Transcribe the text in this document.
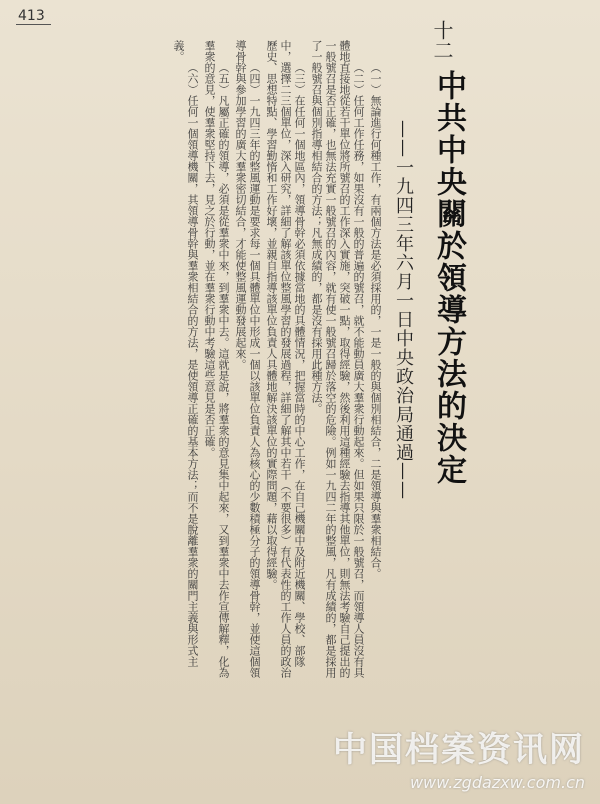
413
十二
中共中央關於領導方法的決定
——一九四三年六月一日中央政治局通過——

（一）無論進行何種工作，有兩個方法是必須採用的，一是一般的與個別相結合，二是領導與羣衆相結合。

（二）任何工作任務，如果沒有一般的普遍的號召，就不能動員廣大羣衆行動起來。但如果只限於一般號召，而領導人員沒有具體地直接地從若干單位將所號召的工作深入實施，突破一點，取得經驗，然後利用這種經驗去指導其他單位，則無法考驗自己提出的一般號召是否正確，也無法充實一般號召的內容，就有使一般號召歸於落空的危險。例如一九四二年的整風，凡有成績的，都是採用了一般號召與個別指導相結合的方法；凡無成績的，都是沒有採用此種方法。

（三）在任何一個地區內，領導骨幹必須依據當地的具體情況，把握當時的中心工作，在自己機關中及附近機關、學校、部隊中，選擇二三個單位，深入研究，詳細了解該單位整風學習的發展過程，詳細了解其中若干（不要很多）有代表性的工作人員的政治歷史、思想特點、學習勤惰和工作好壞，並親自指導該單位負責人具體地解決該單位的實際問題，藉以取得經驗。

（四）一九四三年的整風運動是要求每一個具體單位中形成一個以該單位負責人為核心的少數積極分子的領導骨幹，並使這個領導骨幹與參加學習的廣大羣衆密切結合，才能使整風運動發展起來。

（五）凡屬正確的領導，必須是從羣衆中來，到羣衆中去。這就是說，將羣衆的意見集中起來，又到羣衆中去作宣傳解釋，化為羣衆的意見，使羣衆堅持下去，見之於行動，並在羣衆行動中考驗這些意見是否正確。

（六）任何一個領導機關，其領導骨幹與羣衆相結合的方法，是使領導正確的基本方法；而不是脫離羣衆的關門主義與形式主義。

中国档案资讯网
www.zgdazxw.com.cn
